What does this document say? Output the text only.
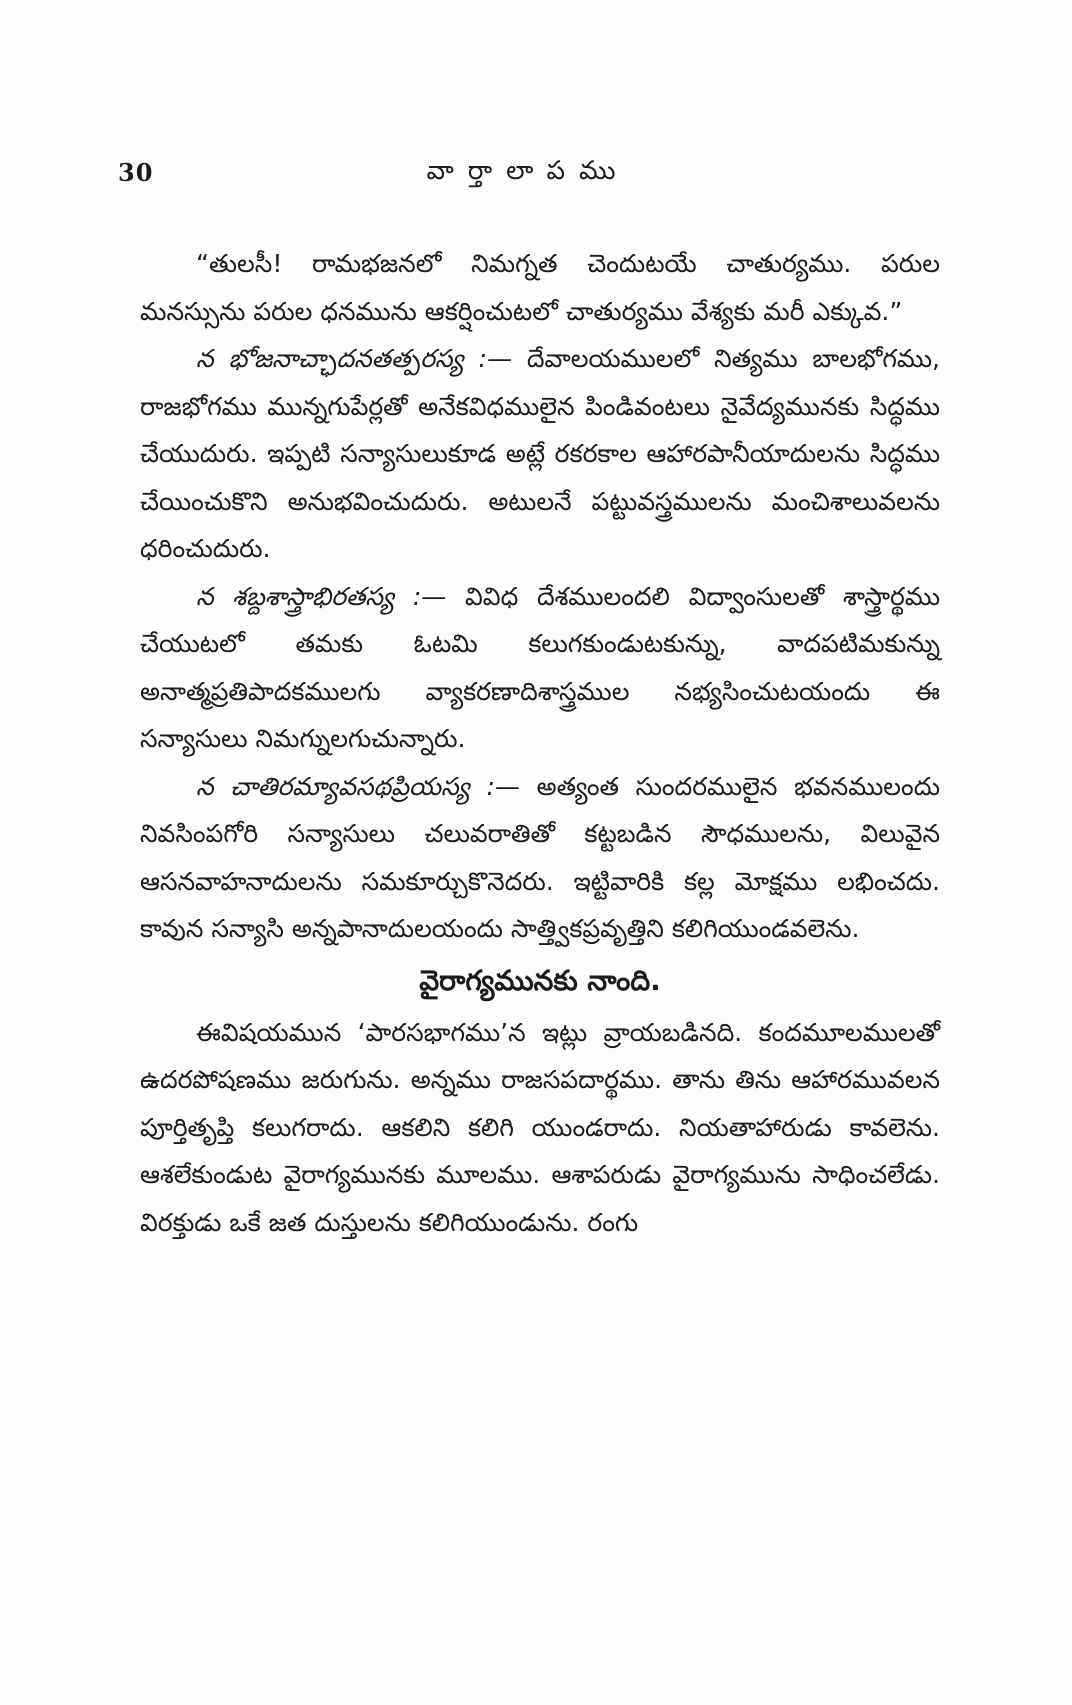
30	వార్తాలాపము

“తులసీ! రామభజనలో నిమగ్నత చెందుటయే చాతుర్యము. పరుల మనస్సును పరుల ధనమును ఆకర్షించుటలో చాతుర్యము వేశ్యకు మరీ ఎక్కువ.”

న భోజనాచ్ఛాదనతత్పరస్య :— దేవాలయములలో నిత్యము బాలభోగము, రాజభోగము మున్నగుపేర్లతో అనేకవిధములైన పిండివంటలు నైవేద్యమునకు సిద్ధము చేయుదురు. ఇప్పటి సన్యాసులుకూడ అట్లే రకరకాల ఆహారపానీయాదులను సిద్ధము చేయించుకొని అనుభవించుదురు. అటులనే పట్టువస్త్రములను మంచిశాలువలను ధరించుదురు.

న శబ్దశాస్త్రాభిరతస్య :— వివిధ దేశములందలి విద్వాంసులతో శాస్త్రార్థము చేయుటలో తమకు ఓటమి కలుగకుండుటకున్ను, వాదపటిమకున్ను అనాత్మప్రతిపాదకములగు వ్యాకరణాదిశాస్త్రముల నభ్యసించుటయందు ఈ సన్యాసులు నిమగ్నులగుచున్నారు.

న చాతిరమ్యావసథప్రియస్య :— అత్యంత సుందరములైన భవనములందు నివసింపగోరి సన్యాసులు చలువరాతితో కట్టబడిన సౌధములను, విలువైన ఆసనవాహనాదులను సమకూర్చుకొనెదరు. ఇట్టివారికి కల్ల మోక్షము లభించదు. కావున సన్యాసి అన్నపానాదులయందు సాత్త్వికప్రవృత్తిని కలిగియుండవలెను.

వైరాగ్యమునకు నాంది.

ఈవిషయమున ‘పారసభాగము’న ఇట్లు వ్రాయబడినది. కందమూలములతో ఉదరపోషణము జరుగును. అన్నము రాజసపదార్థము. తాను తిను ఆహారమువలన పూర్తితృప్తి కలుగరాదు. ఆకలిని కలిగి యుండరాదు. నియతాహారుడు కావలెను. ఆశలేకుండుట వైరాగ్యమునకు మూలము. ఆశాపరుడు వైరాగ్యమును సాధించలేడు. విరక్తుడు ఒకే జత దుస్తులను కలిగియుండును. రంగు
